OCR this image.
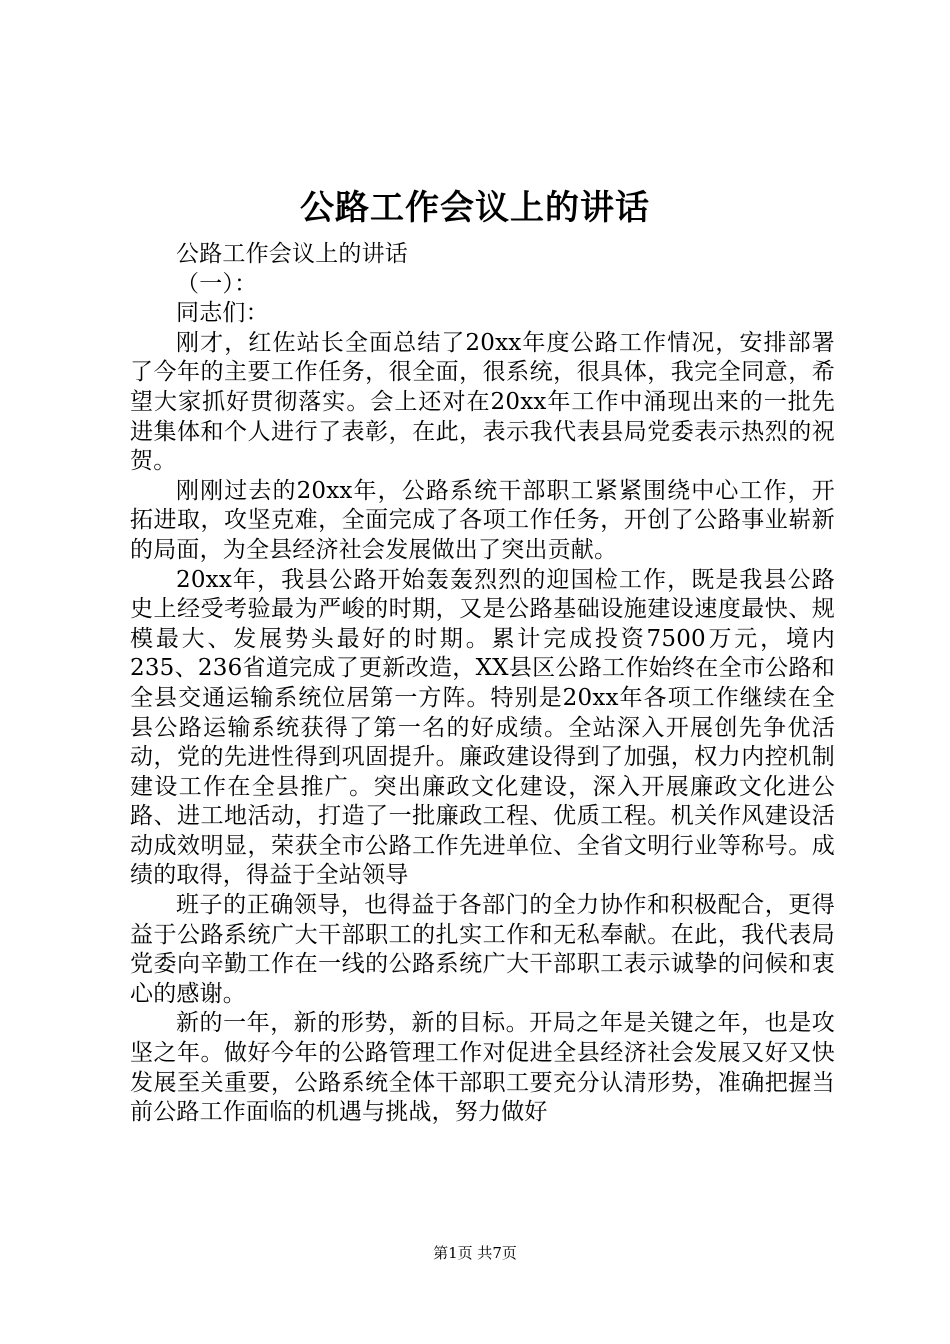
公路工作会议上的讲话

公路工作会议上的讲话

（一）：

同志们：

刚才，红佐站长全面总结了20xx年度公路工作情况，安排部署了今年的主要工作任务，很全面，很系统，很具体，我完全同意，希望大家抓好贯彻落实。会上还对在20xx年工作中涌现出来的一批先进集体和个人进行了表彰，在此，表示我代表县局党委表示热烈的祝贺。

刚刚过去的20xx年，公路系统干部职工紧紧围绕中心工作，开拓进取，攻坚克难，全面完成了各项工作任务，开创了公路事业崭新的局面，为全县经济社会发展做出了突出贡献。

20xx年，我县公路开始轰轰烈烈的迎国检工作，既是我县公路史上经受考验最为严峻的时期，又是公路基础设施建设速度最快、规模最大、发展势头最好的时期。累计完成投资7500万元，境内235、236省道完成了更新改造，XX县区公路工作始终在全市公路和全县交通运输系统位居第一方阵。特别是20xx年各项工作继续在全县公路运输系统获得了第一名的好成绩。全站深入开展创先争优活动，党的先进性得到巩固提升。廉政建设得到了加强，权力内控机制建设工作在全县推广。突出廉政文化建设，深入开展廉政文化进公路、进工地活动，打造了一批廉政工程、优质工程。机关作风建设活动成效明显，荣获全市公路工作先进单位、全省文明行业等称号。成绩的取得，得益于全站领导

班子的正确领导，也得益于各部门的全力协作和积极配合，更得益于公路系统广大干部职工的扎实工作和无私奉献。在此，我代表局党委向辛勤工作在一线的公路系统广大干部职工表示诚挚的问候和衷心的感谢。

新的一年，新的形势，新的目标。开局之年是关键之年，也是攻坚之年。做好今年的公路管理工作对促进全县经济社会发展又好又快发展至关重要，公路系统全体干部职工要充分认清形势，准确把握当前公路工作面临的机遇与挑战，努力做好

第1页 共7页
